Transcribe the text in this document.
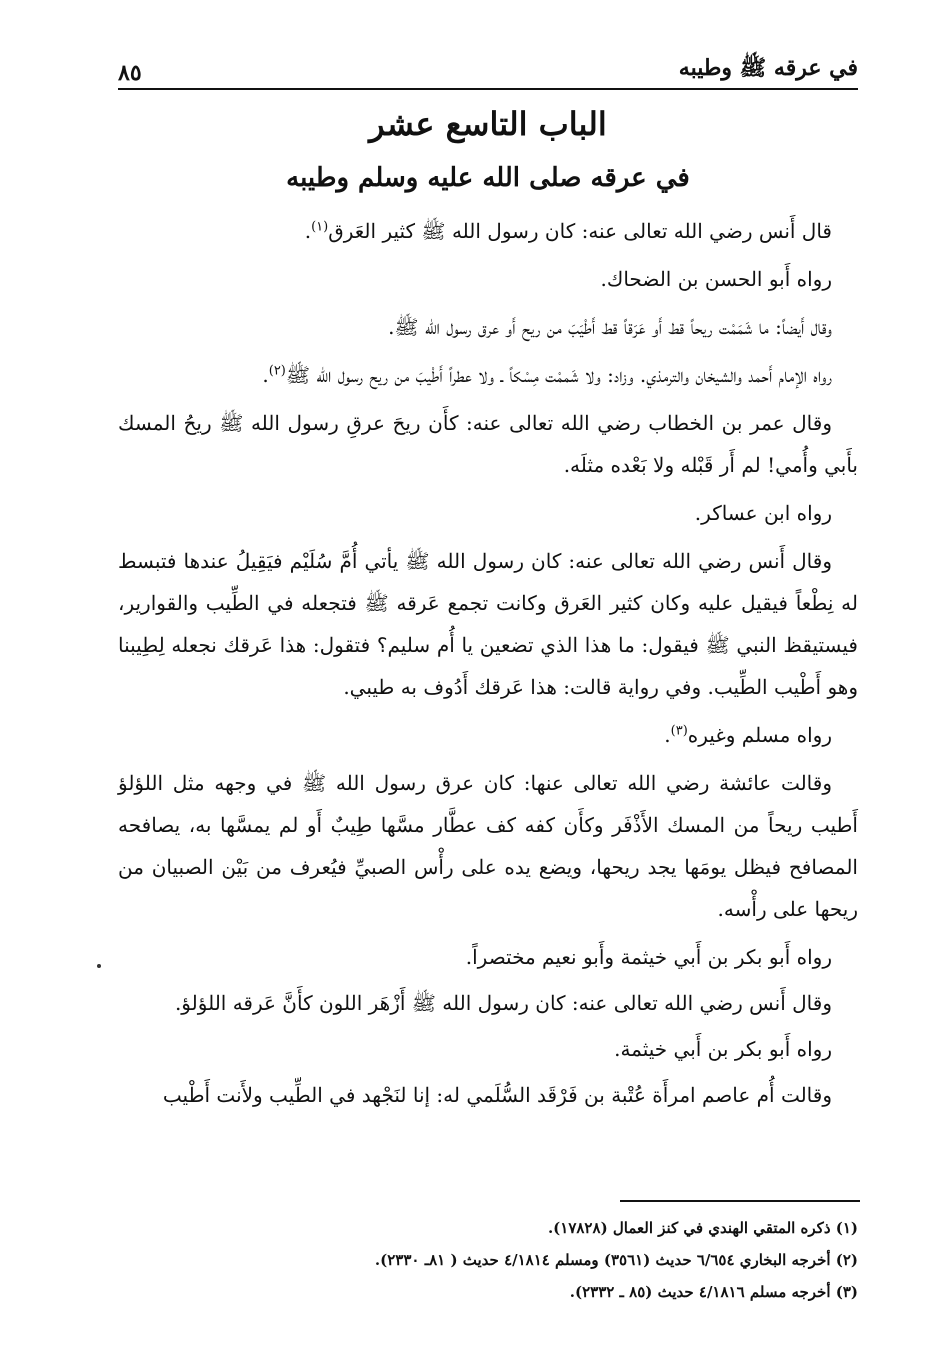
في عرقه ﷺ وطيبه
٨٥
الباب التاسع عشر
في عرقه صلى الله عليه وسلم وطيبه

قال أَنس رضي الله تعالى عنه: كان رسول الله ﷺ كثير العَرق$^{(١)}$.

رواه أَبو الحسن بن الضحاك.

وقال أَيضاً: ما شَمَمْت ريحاً قط أَو عَرَقاً قط أَطْيَبَ من ريح أَو عرق رسول الله ﷺ.

رواه الإمام أَحمد والشيخان والترمذي. وزاد: ولا شَممْت مِسْكاً ـ ولا عطراً أَطْيبَ من ريح رسول الله ﷺ$^{(٢)}$.

وقال عمر بن الخطاب رضي الله تعالى عنه: كأَن ريحَ عرقِ رسول الله ﷺ ريحُ المسك بأَبي وأُمي! لم أَر قَبْله ولا بَعْده مثلَه.

رواه ابن عساكر.

وقال أَنس رضي الله تعالى عنه: كان رسول الله ﷺ يأتي أُمَّ سُلَيْم فيَقِيلُ عندها فتبسط له نِطْعاً فيقيل عليه وكان كثير العَرق وكانت تجمع عَرقه ﷺ فتجعله في الطِّيب والقوارير، فيستيقظ النبي ﷺ فيقول: ما هذا الذي تضعين يا أُم سليم؟ فتقول: هذا عَرقك نجعله لِطِيبنا وهو أَطْيب الطِّيب. وفي رواية قالت: هذا عَرقك أَدُوف به طيبي.

رواه مسلم وغيره$^{(٣)}$.

وقالت عائشة رضي الله تعالى عنها: كان عرق رسول الله ﷺ في وجهه مثل اللؤلؤ أَطيب ريحاً من المسك الأَذْفَر وكأَن كفه كف عطَّار مسَّها طِيبٌ أَو لم يمسَّها به، يصافحه المصافح فيظل يومَها يجد ريحها، ويضع يده على رأْس الصبيِّ فيُعرف من بَيْن الصبيان من ريحها على رأْسه.

رواه أَبو بكر بن أَبي خيثمة وأَبو نعيم مختصراً.

وقال أَنس رضي الله تعالى عنه: كان رسول الله ﷺ أَزْهَر اللون كأَنَّ عَرقه اللؤلؤ.

رواه أَبو بكر بن أَبي خيثمة.

وقالت أُم عاصم امرأَة عُتْبة بن فَرْقَد السُّلَمي له: إنا لنَجْهد في الطِّيب ولأَنت أَطْيب

(١) ذكره المتقي الهندي في كنز العمال (١٧٨٢٨).
(٢) أخرجه البخاري ٦/٦٥٤ حديث (٣٥٦١) ومسلم ٤/١٨١٤ حديث ( ٨١ـ ٢٣٣٠).
(٣) أخرجه مسلم ٤/١٨١٦ حديث (٨٥ ـ ٢٣٣٢).
